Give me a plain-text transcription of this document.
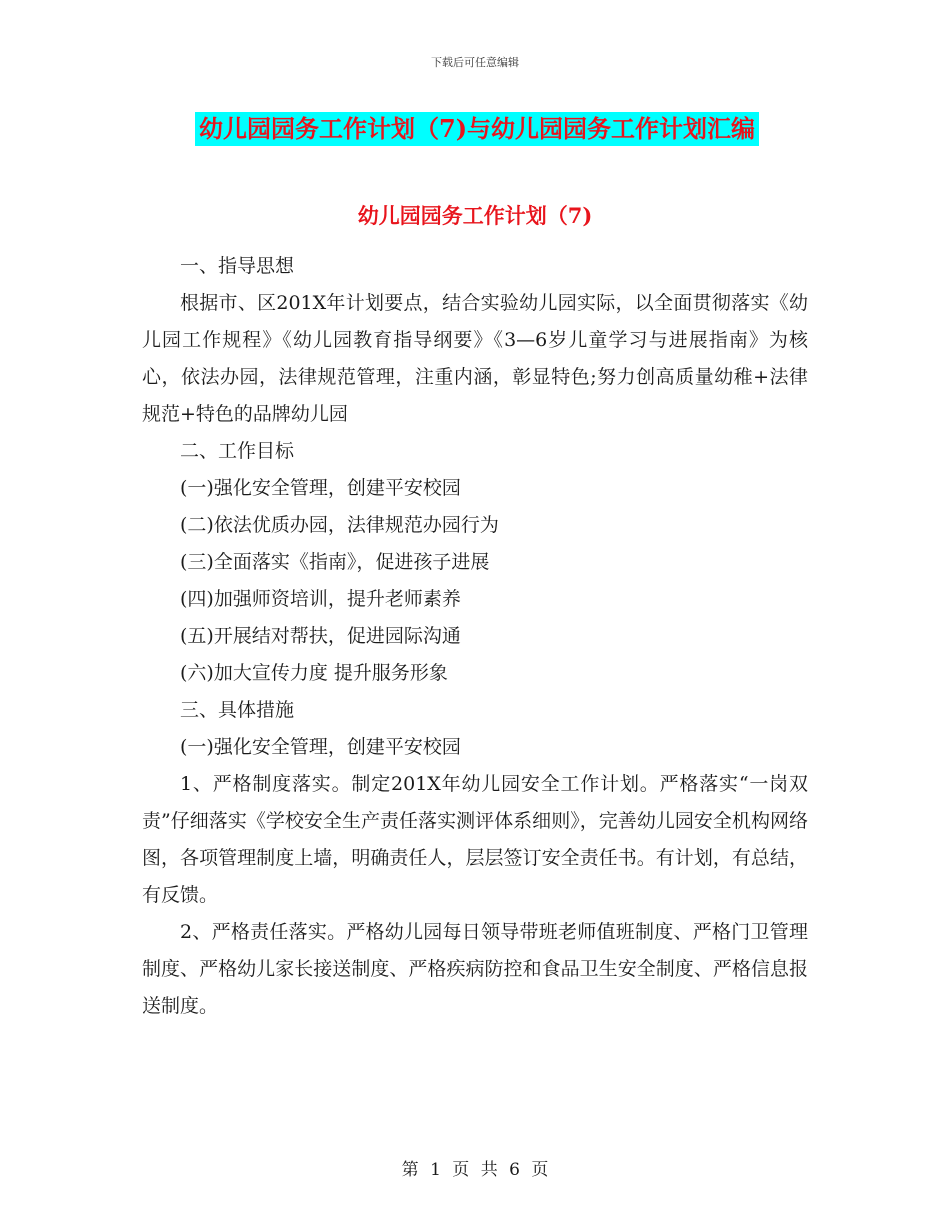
下载后可任意编辑
幼儿园园务工作计划（7)与幼儿园园务工作计划汇编
幼儿园园务工作计划（7)

一、指导思想

根据市、区201X年计划要点，结合实验幼儿园实际，以全面贯彻落实《幼儿园工作规程》《幼儿园教育指导纲要》《3—6岁儿童学习与进展指南》为核心，依法办园，法律规范管理，注重内涵，彰显特色;努力创高质量幼稚+法律规范+特色的品牌幼儿园

二、工作目标

(一)强化安全管理，创建平安校园

(二)依法优质办园，法律规范办园行为

(三)全面落实《指南》，促进孩子进展

(四)加强师资培训，提升老师素养

(五)开展结对帮扶，促进园际沟通

(六)加大宣传力度 提升服务形象

三、具体措施

(一)强化安全管理，创建平安校园

1、严格制度落实。制定201X年幼儿园安全工作计划。严格落实“一岗双责”仔细落实《学校安全生产责任落实测评体系细则》，完善幼儿园安全机构网络图，各项管理制度上墙，明确责任人，层层签订安全责任书。有计划，有总结，有反馈。

2、严格责任落实。严格幼儿园每日领导带班老师值班制度、严格门卫管理制度、严格幼儿家长接送制度、严格疾病防控和食品卫生安全制度、严格信息报送制度。

第 1 页 共 6 页
